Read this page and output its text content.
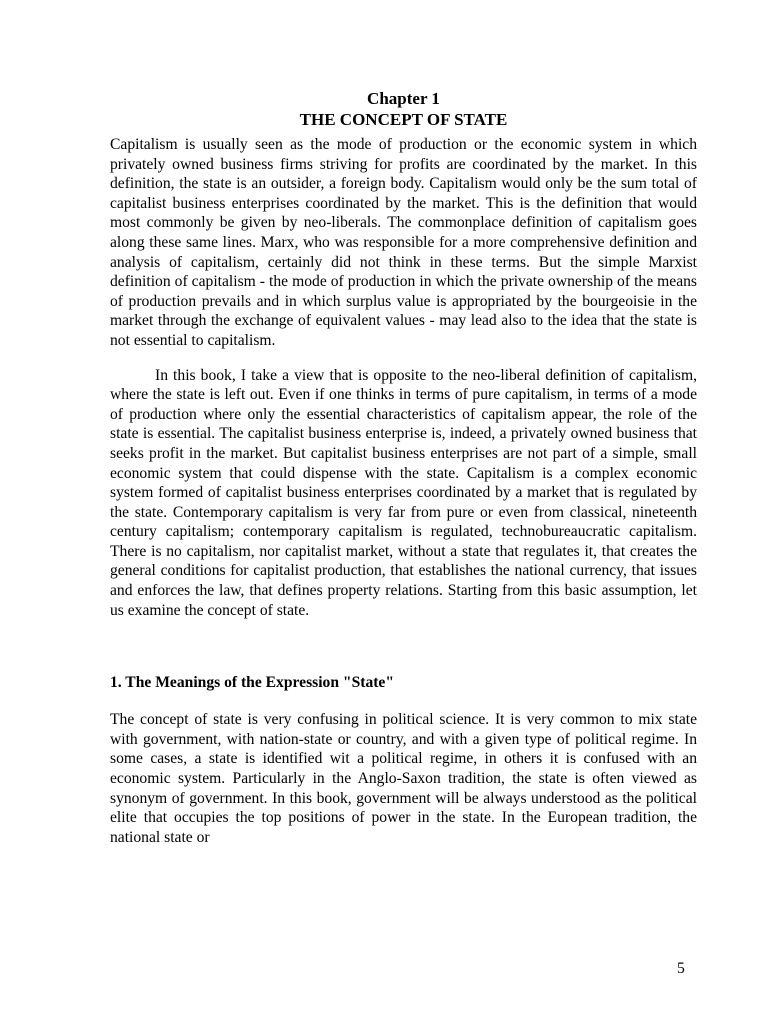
Chapter 1
THE CONCEPT OF STATE

Capitalism is usually seen as the mode of production or the economic system in which privately owned business firms striving for profits are coordinated by the market. In this definition, the state is an outsider, a foreign body. Capitalism would only be the sum total of capitalist business enterprises coordinated by the market. This is the definition that would most commonly be given by neo-liberals. The commonplace definition of capitalism goes along these same lines. Marx, who was responsible for a more comprehensive definition and analysis of capitalism, certainly did not think in these terms. But the simple Marxist definition of capitalism - the mode of production in which the private ownership of the means of production prevails and in which surplus value is appropriated by the bourgeoisie in the market through the exchange of equivalent values - may lead also to the idea that the state is not essential to capitalism.

In this book, I take a view that is opposite to the neo-liberal definition of capitalism, where the state is left out. Even if one thinks in terms of pure capitalism, in terms of a mode of production where only the essential characteristics of capitalism appear, the role of the state is essential. The capitalist business enterprise is, indeed, a privately owned business that seeks profit in the market. But capitalist business enterprises are not part of a simple, small economic system that could dispense with the state. Capitalism is a complex economic system formed of capitalist business enterprises coordinated by a market that is regulated by the state. Contemporary capitalism is very far from pure or even from classical, nineteenth century capitalism; contemporary capitalism is regulated, technobureaucratic capitalism. There is no capitalism, nor capitalist market, without a state that regulates it, that creates the general conditions for capitalist production, that establishes the national currency, that issues and enforces the law, that defines property relations. Starting from this basic assumption, let us examine the concept of state.

1. The Meanings of the Expression "State"

The concept of state is very confusing in political science. It is very common to mix state with government, with nation-state or country, and with a given type of political regime. In some cases, a state is identified wit a political regime, in others it is confused with an economic system. Particularly in the Anglo-Saxon tradition, the state is often viewed as synonym of government. In this book, government will be always understood as the political elite that occupies the top positions of power in the state. In the European tradition, the national state or

5
